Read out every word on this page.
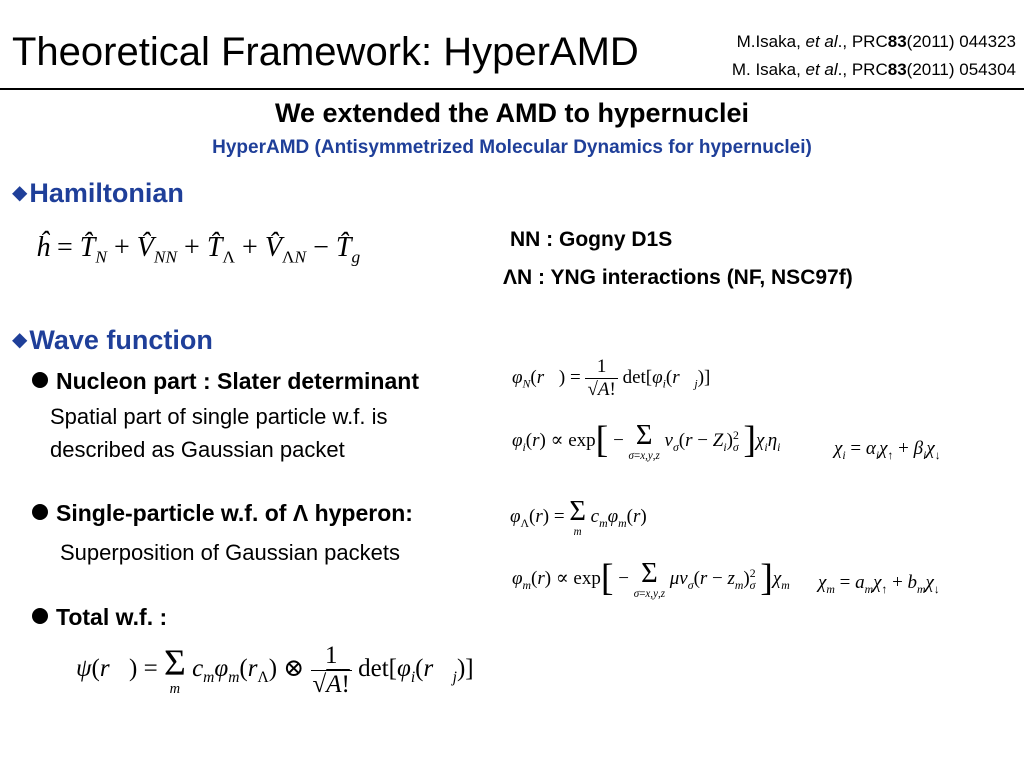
Theoretical Framework: HyperAMD	M.Isaka, et al., PRC83(2011) 044323
M. Isaka, et al., PRC83(2011) 054304
We extended the AMD to hypernuclei
HyperAMD (Antisymmetrized Molecular Dynamics for hypernuclei)
◆Hamiltonian
ĥ = $T̂_N$ + $V̂_{NN}$ + $T̂_\Lambda$ + $V̂_{\Lambda N}$ − $T̂_g$
NN : Gogny D1S
ΛN : YNG interactions (NF, NSC97f)
◆Wave function
Nucleon part : Slater determinant
Spatial part of single particle w.f. is
described as Gaussian packet
$\varphi_N(r⃗) = \frac{1}{√A!}$ $\det[\varphi_i(r⃗_j)]$
$\varphi_i(r) \propto \exp[ - \Sigma$
σ=x,y,z
$\nu_\sigma(r - Z_i)^2_\sigma$ ]$\chi_i\eta_i$	$\chi_i = \alpha_i\chi_↑ + \beta_i\chi_↓$
Single-particle w.f. of Λ hyperon:
Superposition of Gaussian packets
$\varphi_\Lambda(r) = \Sigma$
m
$c_m\varphi_m(r)$
$\varphi_m(r) \propto \exp[ - \Sigma$
σ=x,y,z
$\mu\nu_\sigma(r - z_m)^2_\sigma$ ]$\chi_m$ $\chi_m = a_m\chi_↑ + b_m\chi_↓$
Total w.f. :
ψ(r⃗) = Σ
m
$c_m\varphi_m(r_\Lambda)$ ⊗ $\frac{1}{√A!}$ $\det[\varphi_i(r⃗_j)]$
